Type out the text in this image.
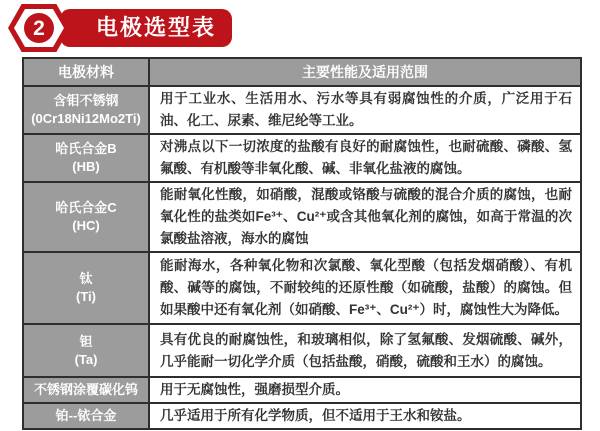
电极选型表
2
电极材料	主要性能及适用范围

含钼不锈钢
(0Cr18Ni12Mo2Ti)	用于工业水、生活用水、污水等具有弱腐蚀性的介质，广泛用于石油、化工、尿素、维尼纶等工业。

哈氏合金B
(HB)	对沸点以下一切浓度的盐酸有良好的耐腐蚀性，也耐硫酸、磷酸、氢氟酸、有机酸等非氧化酸、碱、非氧化盐液的腐蚀。

哈氏合金C
(HC)	能耐氧化性酸，如硝酸，混酸或铬酸与硫酸的混合介质的腐蚀，也耐氧化性的盐类如Fe³⁺、Cu²⁺或含其他氧化剂的腐蚀，如高于常温的次氯酸盐溶液，海水的腐蚀

钛
(Ti)	能耐海水，各种氧化物和次氯酸、氧化型酸（包括发烟硝酸）、有机酸、碱等的腐蚀，不耐较纯的还原性酸（如硫酸，盐酸）的腐蚀。但如果酸中还有氧化剂（如硝酸、Fe³⁺、Cu²⁺）时，腐蚀性大为降低。

钽
(Ta)	具有优良的耐腐蚀性，和玻璃相似，除了氢氟酸、发烟硫酸、碱外，几乎能耐一切化学介质（包括盐酸，硝酸，硫酸和王水）的腐蚀。

不锈钢涂覆碳化钨	用于无腐蚀性，强磨损型介质。

铂--铱合金	几乎适用于所有化学物质，但不适用于王水和铵盐。
